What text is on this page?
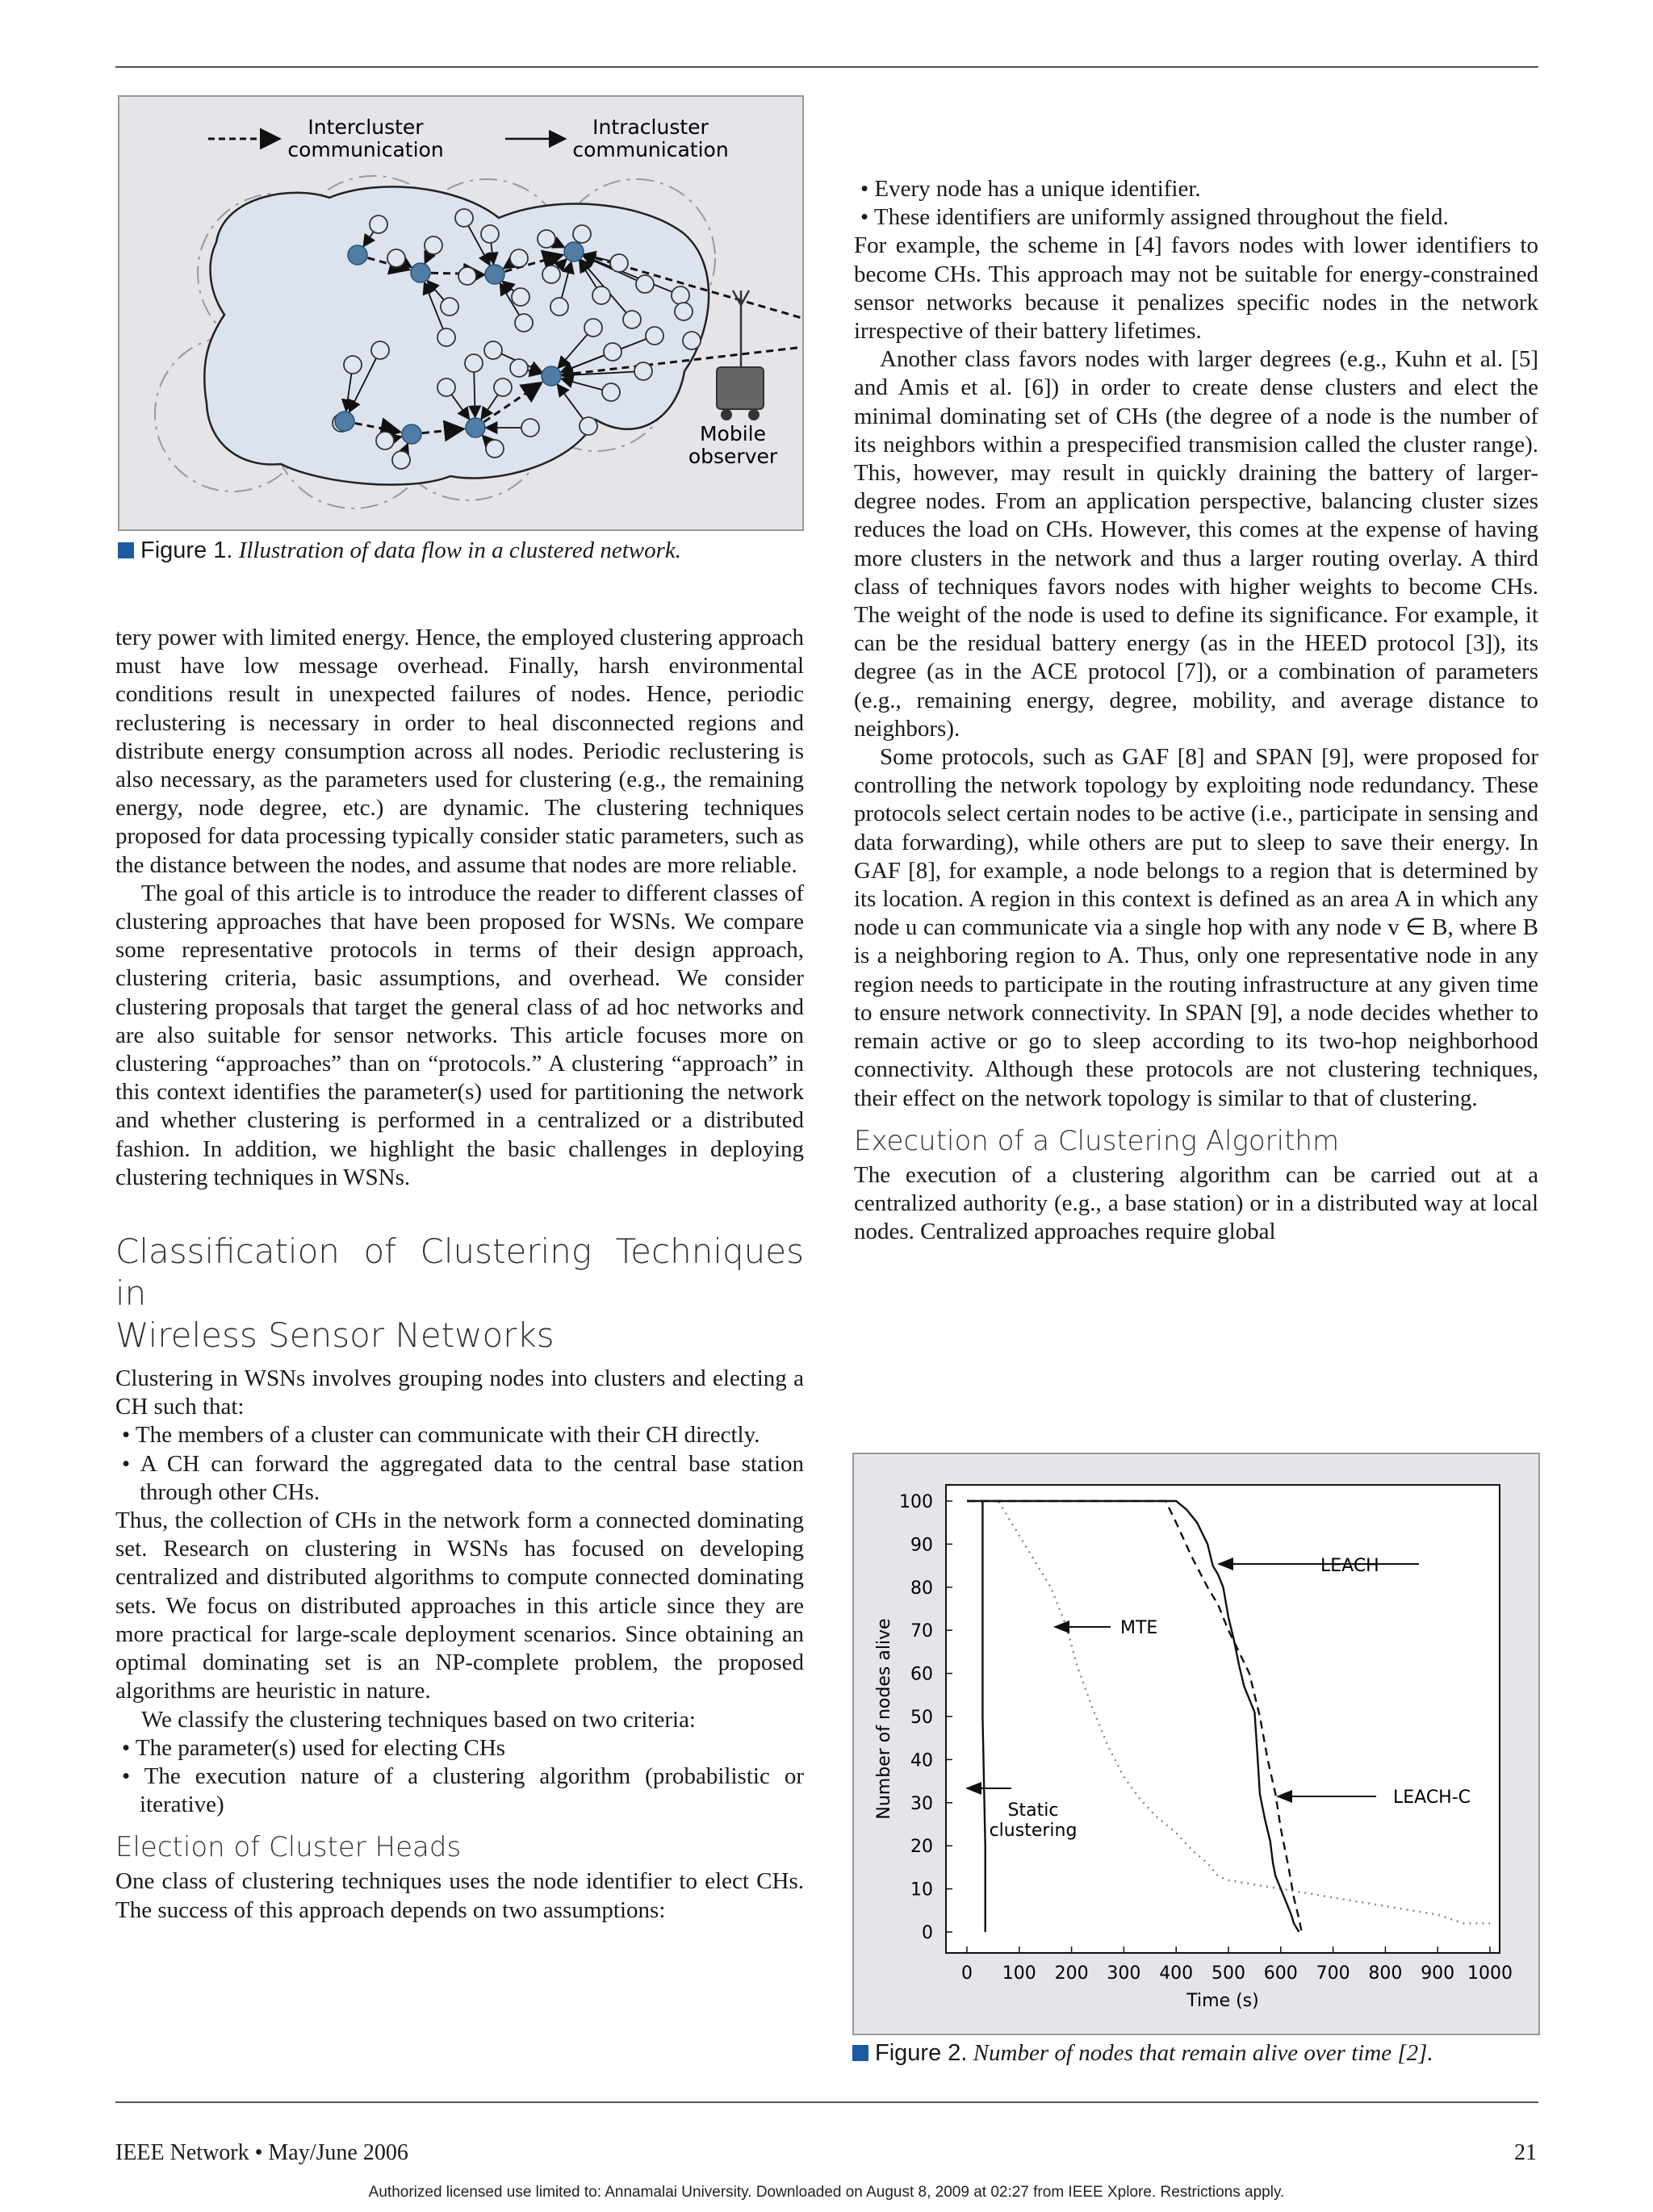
Intercluster
communication
Intracluster
communication
Mobile
observer
Figure 1. Illustration of data flow in a clustered network.

tery power with limited energy. Hence, the employed clustering approach must have low message overhead. Finally, harsh environmental conditions result in unexpected failures of nodes. Hence, periodic reclustering is necessary in order to heal disconnected regions and distribute energy consumption across all nodes. Periodic reclustering is also necessary, as the parameters used for clustering (e.g., the remaining energy, node degree, etc.) are dynamic. The clustering techniques proposed for data processing typically consider static parameters, such as the distance between the nodes, and assume that nodes are more reliable.

The goal of this article is to introduce the reader to different classes of clustering approaches that have been proposed for WSNs. We compare some representative protocols in terms of their design approach, clustering criteria, basic assumptions, and overhead. We consider clustering proposals that target the general class of ad hoc networks and are also suitable for sensor networks. This article focuses more on clustering “approaches” than on “protocols.” A clustering “approach” in this context identifies the parameter(s) used for partitioning the network and whether clustering is performed in a centralized or a distributed fashion. In addition, we highlight the basic challenges in deploying clustering techniques in WSNs.

Classification of Clustering Techniques in
Wireless Sensor Networks

Clustering in WSNs involves grouping nodes into clusters and electing a CH such that:

• The members of a cluster can communicate with their CH directly.
• A CH can forward the aggregated data to the central base station through other CHs.

Thus, the collection of CHs in the network form a connected dominating set. Research on clustering in WSNs has focused on developing centralized and distributed algorithms to compute connected dominating sets. We focus on distributed approaches in this article since they are more practical for large-scale deployment scenarios. Since obtaining an optimal dominating set is an NP-complete problem, the proposed algorithms are heuristic in nature.

We classify the clustering techniques based on two criteria:

• The parameter(s) used for electing CHs
• The execution nature of a clustering algorithm (probabilistic or iterative)
Election of Cluster Heads

One class of clustering techniques uses the node identifier to elect CHs. The success of this approach depends on two assumptions:

• Every node has a unique identifier.
• These identifiers are uniformly assigned throughout the field.

For example, the scheme in [4] favors nodes with lower identifiers to become CHs. This approach may not be suitable for energy-constrained sensor networks because it penalizes specific nodes in the network irrespective of their battery lifetimes.

Another class favors nodes with larger degrees (e.g., Kuhn et al. [5] and Amis et al. [6]) in order to create dense clusters and elect the minimal dominating set of CHs (the degree of a node is the number of its neighbors within a prespecified transmision called the cluster range). This, however, may result in quickly draining the battery of larger-degree nodes. From an application perspective, balancing cluster sizes reduces the load on CHs. However, this comes at the expense of having more clusters in the network and thus a larger routing overlay. A third class of techniques favors nodes with higher weights to become CHs. The weight of the node is used to define its significance. For example, it can be the residual battery energy (as in the HEED protocol [3]), its degree (as in the ACE protocol [7]), or a combination of parameters (e.g., remaining energy, degree, mobility, and average distance to neighbors).

Some protocols, such as GAF [8] and SPAN [9], were proposed for controlling the network topology by exploiting node redundancy. These protocols select certain nodes to be active (i.e., participate in sensing and data forwarding), while others are put to sleep to save their energy. In GAF [8], for example, a node belongs to a region that is determined by its location. A region in this context is defined as an area A in which any node u can communicate via a single hop with any node v ∈ B, where B is a neighboring region to A. Thus, only one representative node in any region needs to participate in the routing infrastructure at any given time to ensure network connectivity. In SPAN [9], a node decides whether to remain active or go to sleep according to its two-hop neighborhood connectivity. Although these protocols are not clustering techniques, their effect on the network topology is similar to that of clustering.

Execution of a Clustering Algorithm

The execution of a clustering algorithm can be carried out at a centralized authority (e.g., a base station) or in a distributed way at local nodes. Centralized approaches require global

0 100 200 300 400 500 600 700 800 900 1000
0
10
20
30
40
50
60
70
80
90
100
LEACH
MTE
Static
clustering
LEACH-C
Time (s)
Number of nodes alive
Figure 2. Number of nodes that remain alive over time [2].
IEEE Network • May/June 2006	21
Authorized licensed use limited to: Annamalai University. Downloaded on August 8, 2009 at 02:27 from IEEE Xplore. Restrictions apply.
